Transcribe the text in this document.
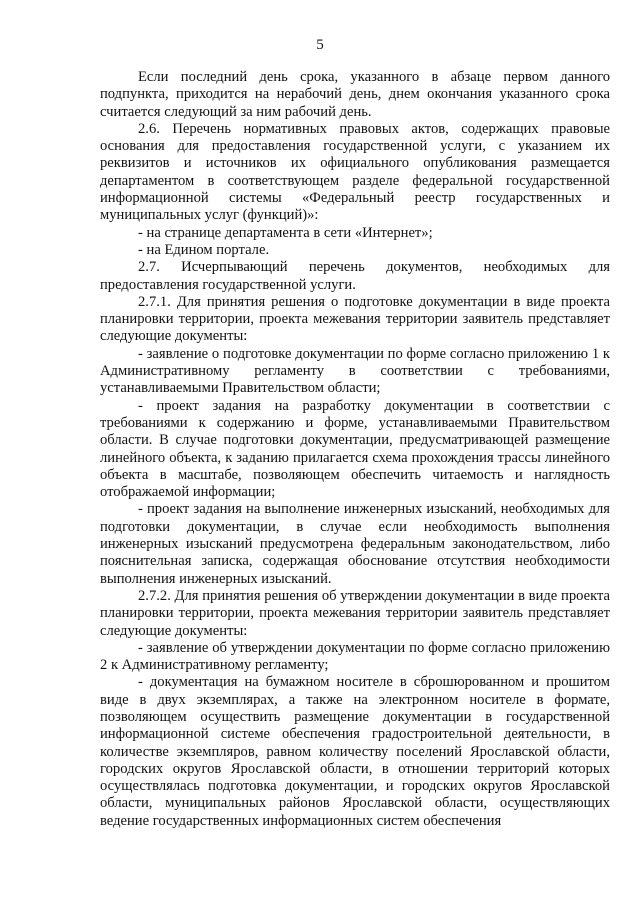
5

Если последний день срока, указанного в абзаце первом данного подпункта, приходится на нерабочий день, днем окончания указанного срока считается следующий за ним рабочий день.

2.6. Перечень нормативных правовых актов, содержащих правовые основания для предоставления государственной услуги, с указанием их реквизитов и источников их официального опубликования размещается департаментом в соответствующем разделе федеральной государственной информационной системы «Федеральный реестр государственных и муниципальных услуг (функций)»:

- на странице департамента в сети «Интернет»;

- на Едином портале.

2.7. Исчерпывающий перечень документов, необходимых для предоставления государственной услуги.

2.7.1. Для принятия решения о подготовке документации в виде проекта планировки территории, проекта межевания территории заявитель представляет следующие документы:

- заявление о подготовке документации по форме согласно приложению 1 к Административному регламенту в соответствии с требованиями, устанавливаемыми Правительством области;

- проект задания на разработку документации в соответствии с требованиями к содержанию и форме, устанавливаемыми Правительством области. В случае подготовки документации, предусматривающей размещение линейного объекта, к заданию прилагается схема прохождения трассы линейного объекта в масштабе, позволяющем обеспечить читаемость и наглядность отображаемой информации;

- проект задания на выполнение инженерных изысканий, необходимых для подготовки документации, в случае если необходимость выполнения инженерных изысканий предусмотрена федеральным законодательством, либо пояснительная записка, содержащая обоснование отсутствия необходимости выполнения инженерных изысканий.

2.7.2. Для принятия решения об утверждении документации в виде проекта планировки территории, проекта межевания территории заявитель представляет следующие документы:

- заявление об утверждении документации по форме согласно приложению 2 к Административному регламенту;

- документация на бумажном носителе в сброшюрованном и прошитом виде в двух экземплярах, а также на электронном носителе в формате, позволяющем осуществить размещение документации в государственной информационной системе обеспечения градостроительной деятельности, в количестве экземпляров, равном количеству поселений Ярославской области, городских округов Ярославской области, в отношении территорий которых осуществлялась подготовка документации, и городских округов Ярославской области, муниципальных районов Ярославской области, осуществляющих ведение государственных информационных систем обеспечения
